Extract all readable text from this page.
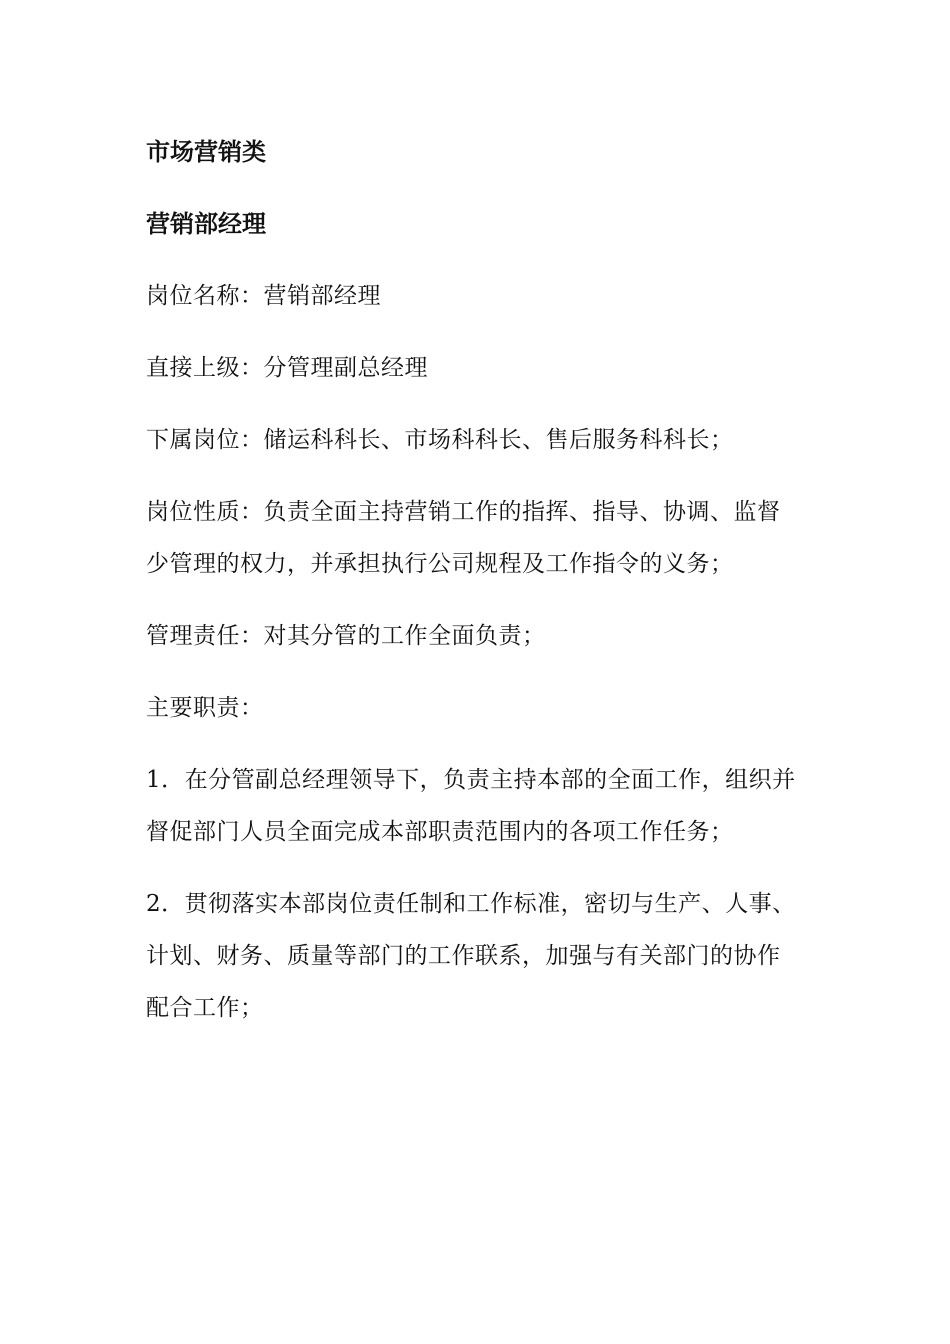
市场营销类
营销部经理
岗位名称：营销部经理
直接上级：分管理副总经理
下属岗位：储运科科长、市场科科长、售后服务科科长；
岗位性质：负责全面主持营销工作的指挥、指导、协调、监督少管理的权力，并承担执行公司规程及工作指令的义务；
管理责任：对其分管的工作全面负责；
主要职责：
1．在分管副总经理领导下，负责主持本部的全面工作，组织并督促部门人员全面完成本部职责范围内的各项工作任务；
2．贯彻落实本部岗位责任制和工作标准，密切与生产、人事、计划、财务、质量等部门的工作联系，加强与有关部门的协作配合工作；
